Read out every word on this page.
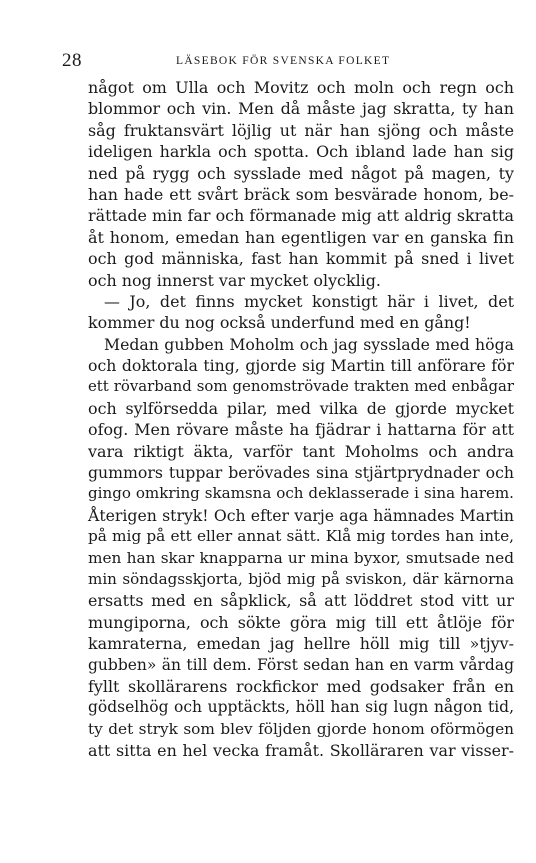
28	LÄSEBOK FÖR SVENSKA FOLKET
något om Ulla och Movitz och moln och regn och
blommor och vin. Men då måste jag skratta, ty han
såg fruktansvärt löjlig ut när han sjöng och måste
ideligen harkla och spotta. Och ibland lade han sig
ned på rygg och sysslade med något på magen, ty
han hade ett svårt bräck som besvärade honom, be-
rättade min far och förmanade mig att aldrig skratta
åt honom, emedan han egentligen var en ganska fin
och god människa, fast han kommit på sned i livet
och nog innerst var mycket olycklig.
— Jo, det finns mycket konstigt här i livet, det
kommer du nog också underfund med en gång!
Medan gubben Moholm och jag sysslade med höga
och doktorala ting, gjorde sig Martin till anförare för
ett rövarband som genomströvade trakten med enbågar
och sylförsedda pilar, med vilka de gjorde mycket
ofog. Men rövare måste ha fjädrar i hattarna för att
vara riktigt äkta, varför tant Moholms och andra
gummors tuppar berövades sina stjärtprydnader och
gingo omkring skamsna och deklasserade i sina harem.
Återigen stryk! Och efter varje aga hämnades Martin
på mig på ett eller annat sätt. Klå mig tordes han inte,
men han skar knapparna ur mina byxor, smutsade ned
min söndagsskjorta, bjöd mig på sviskon, där kärnorna
ersatts med en såpklick, så att löddret stod vitt ur
mungiporna, och sökte göra mig till ett åtlöje för
kamraterna, emedan jag hellre höll mig till »tjyv-
gubben» än till dem. Först sedan han en varm vårdag
fyllt skollärarens rockfickor med godsaker från en
gödselhög och upptäckts, höll han sig lugn någon tid,
ty det stryk som blev följden gjorde honom oförmögen
att sitta en hel vecka framåt. Skolläraren var visser-
